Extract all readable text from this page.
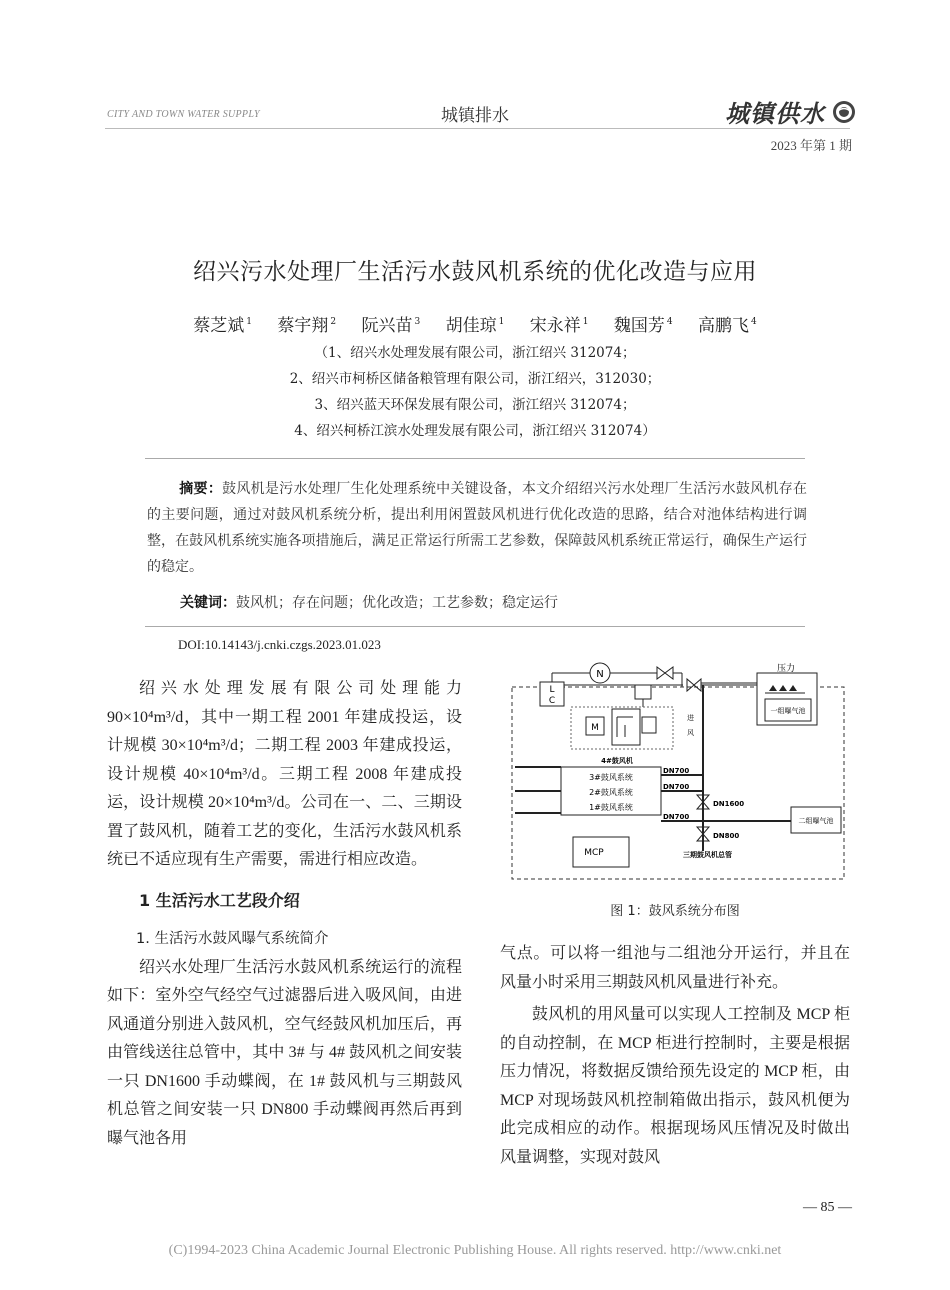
CITY AND TOWN WATER SUPPLY	城镇排水	城镇供水
2023 年第 1 期
绍兴污水处理厂生活污水鼓风机系统的优化改造与应用
蔡芝斌 $^1$ 蔡宇翔 $^2$ 阮兴苗 $^3$ 胡佳琼 $^1$ 宋永祥 $^1$ 魏国芳 $^4$ 高鹏飞 $^4$
（1、绍兴水处理发展有限公司，浙江绍兴 312074；
2、绍兴市柯桥区储备粮管理有限公司，浙江绍兴，312030；
3、绍兴蓝天环保发展有限公司，浙江绍兴 312074；
4、绍兴柯桥江滨水处理发展有限公司，浙江绍兴 312074）
摘要：鼓风机是污水处理厂生化处理系统中关键设备，本文介绍绍兴污水处理厂生活污水鼓风机存在的主要问题，通过对鼓风机系统分析，提出利用闲置鼓风机进行优化改造的思路，结合对池体结构进行调整，在鼓风机系统实施各项措施后，满足正常运行所需工艺参数，保障鼓风机系统正常运行，确保生产运行的稳定。
关键词：鼓风机；存在问题；优化改造；工艺参数；稳定运行
DOI:10.14143/j.cnki.czgs.2023.01.023

绍兴水处理发展有限公司处理能力 90×10⁴m³/d，其中一期工程 2001 年建成投运，设计规模 30×10⁴m³/d；二期工程 2003 年建成投运，设计规模 40×10⁴m³/d。三期工程 2008 年建成投运，设计规模 20×10⁴m³/d。公司在一、二、三期设置了鼓风机，随着工艺的变化，生活污水鼓风机系统已不适应现有生产需要，需进行相应改造。

1 生活污水工艺段介绍

1. 生活污水鼓风曝气系统简介

绍兴水处理厂生活污水鼓风机系统运行的流程如下：室外空气经空气过滤器后进入吸风间，由进风通道分别进入鼓风机，空气经鼓风机加压后，再由管线送往总管中，其中 3# 与 4# 鼓风机之间安装一只 DN1600 手动蝶阀，在 1# 鼓风机与三期鼓风机总管之间安装一只 DN800 手动蝶阀再然后再到曝气池各用

L
C
N	压力
一组曝气池
M
进
风
4#鼓风机
3#鼓风系统
2#鼓风系统
1#鼓风系统
DN700
DN700
DN700
DN1600
DN800
三期鼓风机总管
二组曝气池
MCP
图 1：鼓风系统分布图

气点。可以将一组池与二组池分开运行，并且在风量小时采用三期鼓风机风量进行补充。

鼓风机的用风量可以实现人工控制及 MCP 柜的自动控制，在 MCP 柜进行控制时，主要是根据压力情况，将数据反馈给预先设定的 MCP 柜，由 MCP 对现场鼓风机控制箱做出指示，鼓风机便为此完成相应的动作。根据现场风压情况及时做出风量调整，实现对鼓风

— 85 —
(C)1994-2023 China Academic Journal Electronic Publishing House. All rights reserved. http://www.cnki.net
